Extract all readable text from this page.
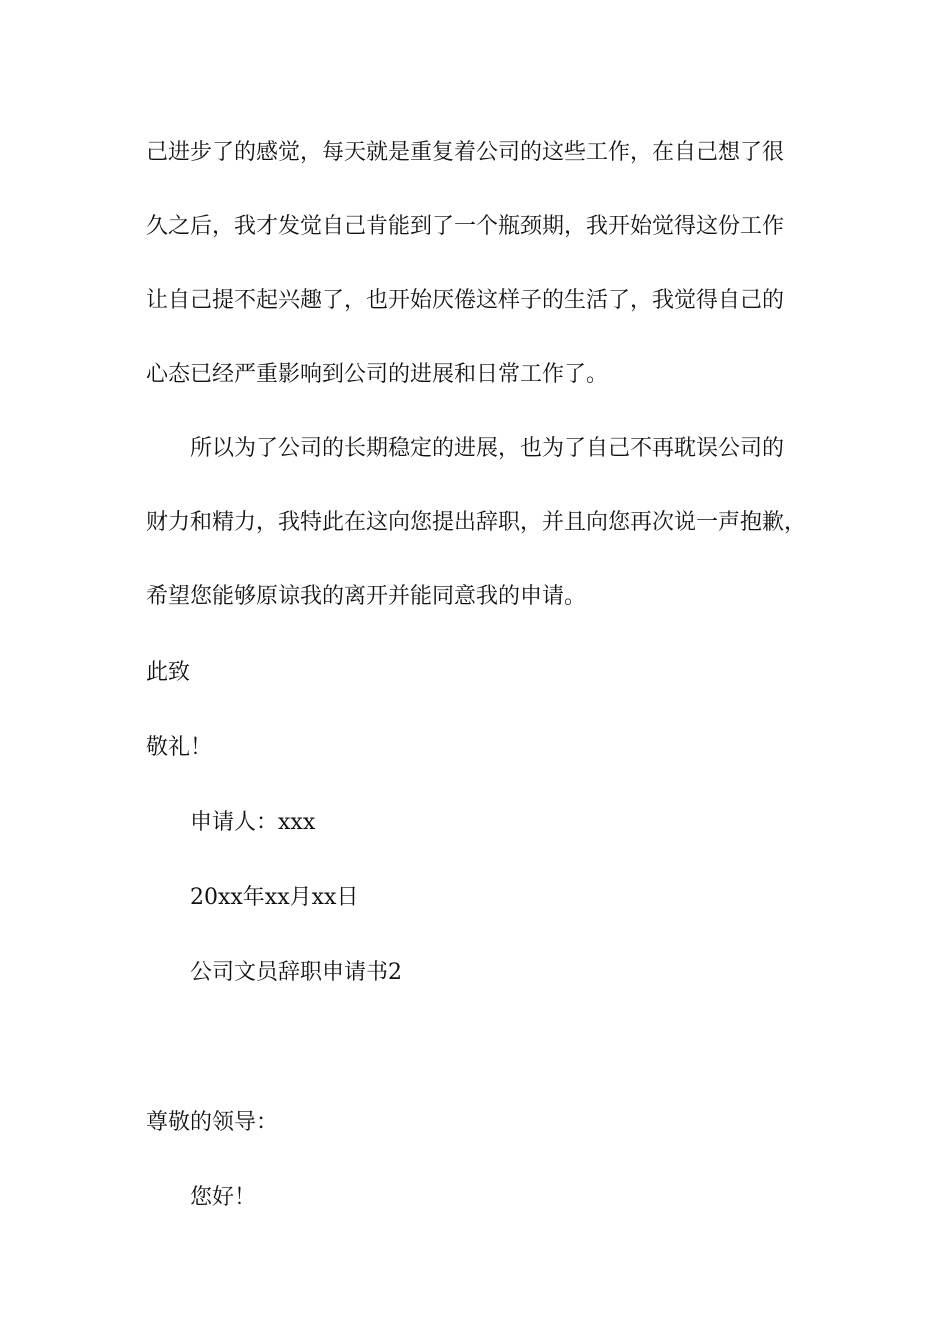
己进步了的感觉，每天就是重复着公司的这些工作，在自己想了很
久之后，我才发觉自己肯能到了一个瓶颈期，我开始觉得这份工作
让自己提不起兴趣了，也开始厌倦这样子的生活了，我觉得自己的
心态已经严重影响到公司的进展和日常工作了。
所以为了公司的长期稳定的进展，也为了自己不再耽误公司的
财力和精力，我特此在这向您提出辞职，并且向您再次说一声抱歉，
希望您能够原谅我的离开并能同意我的申请。
此致
敬礼！
申请人：xxx
20xx年xx月xx日
公司文员辞职申请书2
尊敬的领导：
您好！
